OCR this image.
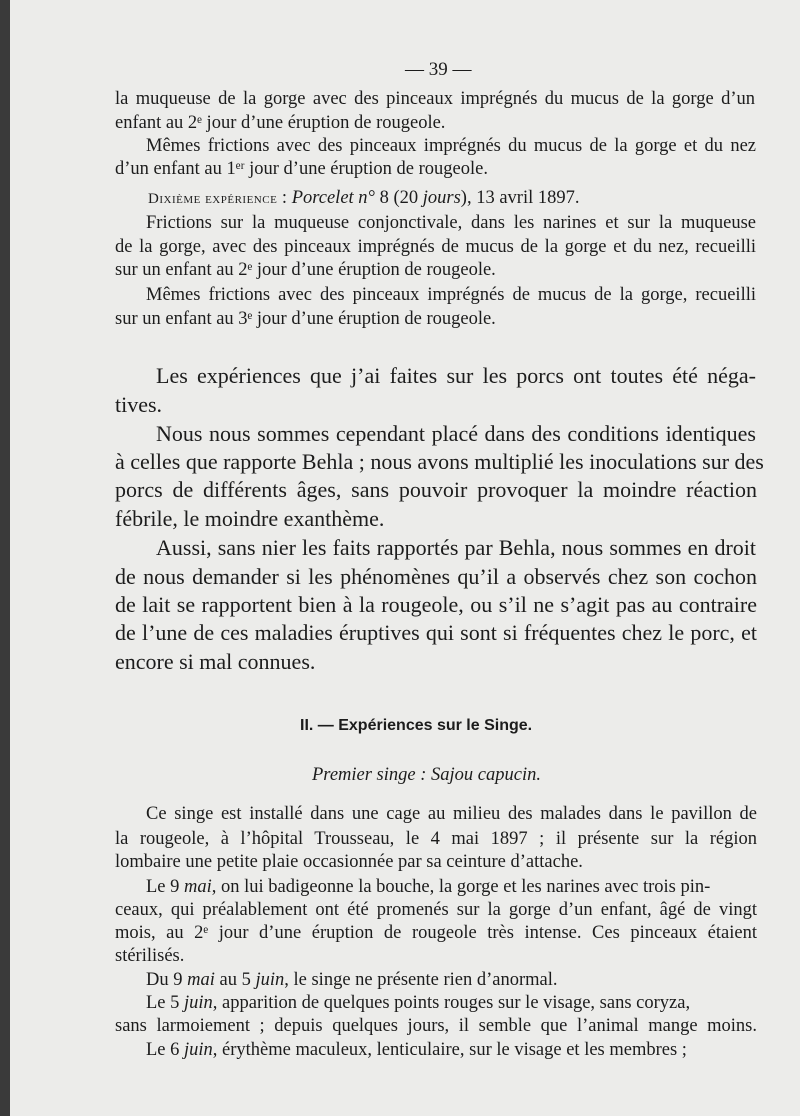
— 39 —
la muqueuse de la gorge avec des pinceaux imprégnés du mucus de la gorge d’un
enfant au 2ᵉ jour d’une éruption de rougeole.
Mêmes frictions avec des pinceaux imprégnés du mucus de la gorge et du nez
d’un enfant au 1ᵉʳ jour d’une éruption de rougeole.
Dixième expérience : Porcelet n° 8 (20 jours), 13 avril 1897.
Frictions sur la muqueuse conjonctivale, dans les narines et sur la muqueuse
de la gorge, avec des pinceaux imprégnés de mucus de la gorge et du nez, recueilli
sur un enfant au 2ᵉ jour d’une éruption de rougeole.
Mêmes frictions avec des pinceaux imprégnés de mucus de la gorge, recueilli
sur un enfant au 3ᵉ jour d’une éruption de rougeole.
Les expériences que j’ai faites sur les porcs ont toutes été néga-
tives.
Nous nous sommes cependant placé dans des conditions identiques
à celles que rapporte Behla ; nous avons multiplié les inoculations sur des
porcs de différents âges, sans pouvoir provoquer la moindre réaction
fébrile, le moindre exanthème.
Aussi, sans nier les faits rapportés par Behla, nous sommes en droit
de nous demander si les phénomènes qu’il a observés chez son cochon
de lait se rapportent bien à la rougeole, ou s’il ne s’agit pas au contraire
de l’une de ces maladies éruptives qui sont si fréquentes chez le porc, et
encore si mal connues.
II. — Expériences sur le Singe.
Premier singe : Sajou capucin.
Ce singe est installé dans une cage au milieu des malades dans le pavillon de
la rougeole, à l’hôpital Trousseau, le 4 mai 1897 ; il présente sur la région
lombaire une petite plaie occasionnée par sa ceinture d’attache.
Le 9 mai, on lui badigeonne la bouche, la gorge et les narines avec trois pin-
ceaux, qui préalablement ont été promenés sur la gorge d’un enfant, âgé de vingt
mois, au 2ᵉ jour d’une éruption de rougeole très intense. Ces pinceaux étaient
stérilisés.
Du 9 mai au 5 juin, le singe ne présente rien d’anormal.
Le 5 juin, apparition de quelques points rouges sur le visage, sans coryza,
sans larmoiement ; depuis quelques jours, il semble que l’animal mange moins.
Le 6 juin, érythème maculeux, lenticulaire, sur le visage et les membres ;
